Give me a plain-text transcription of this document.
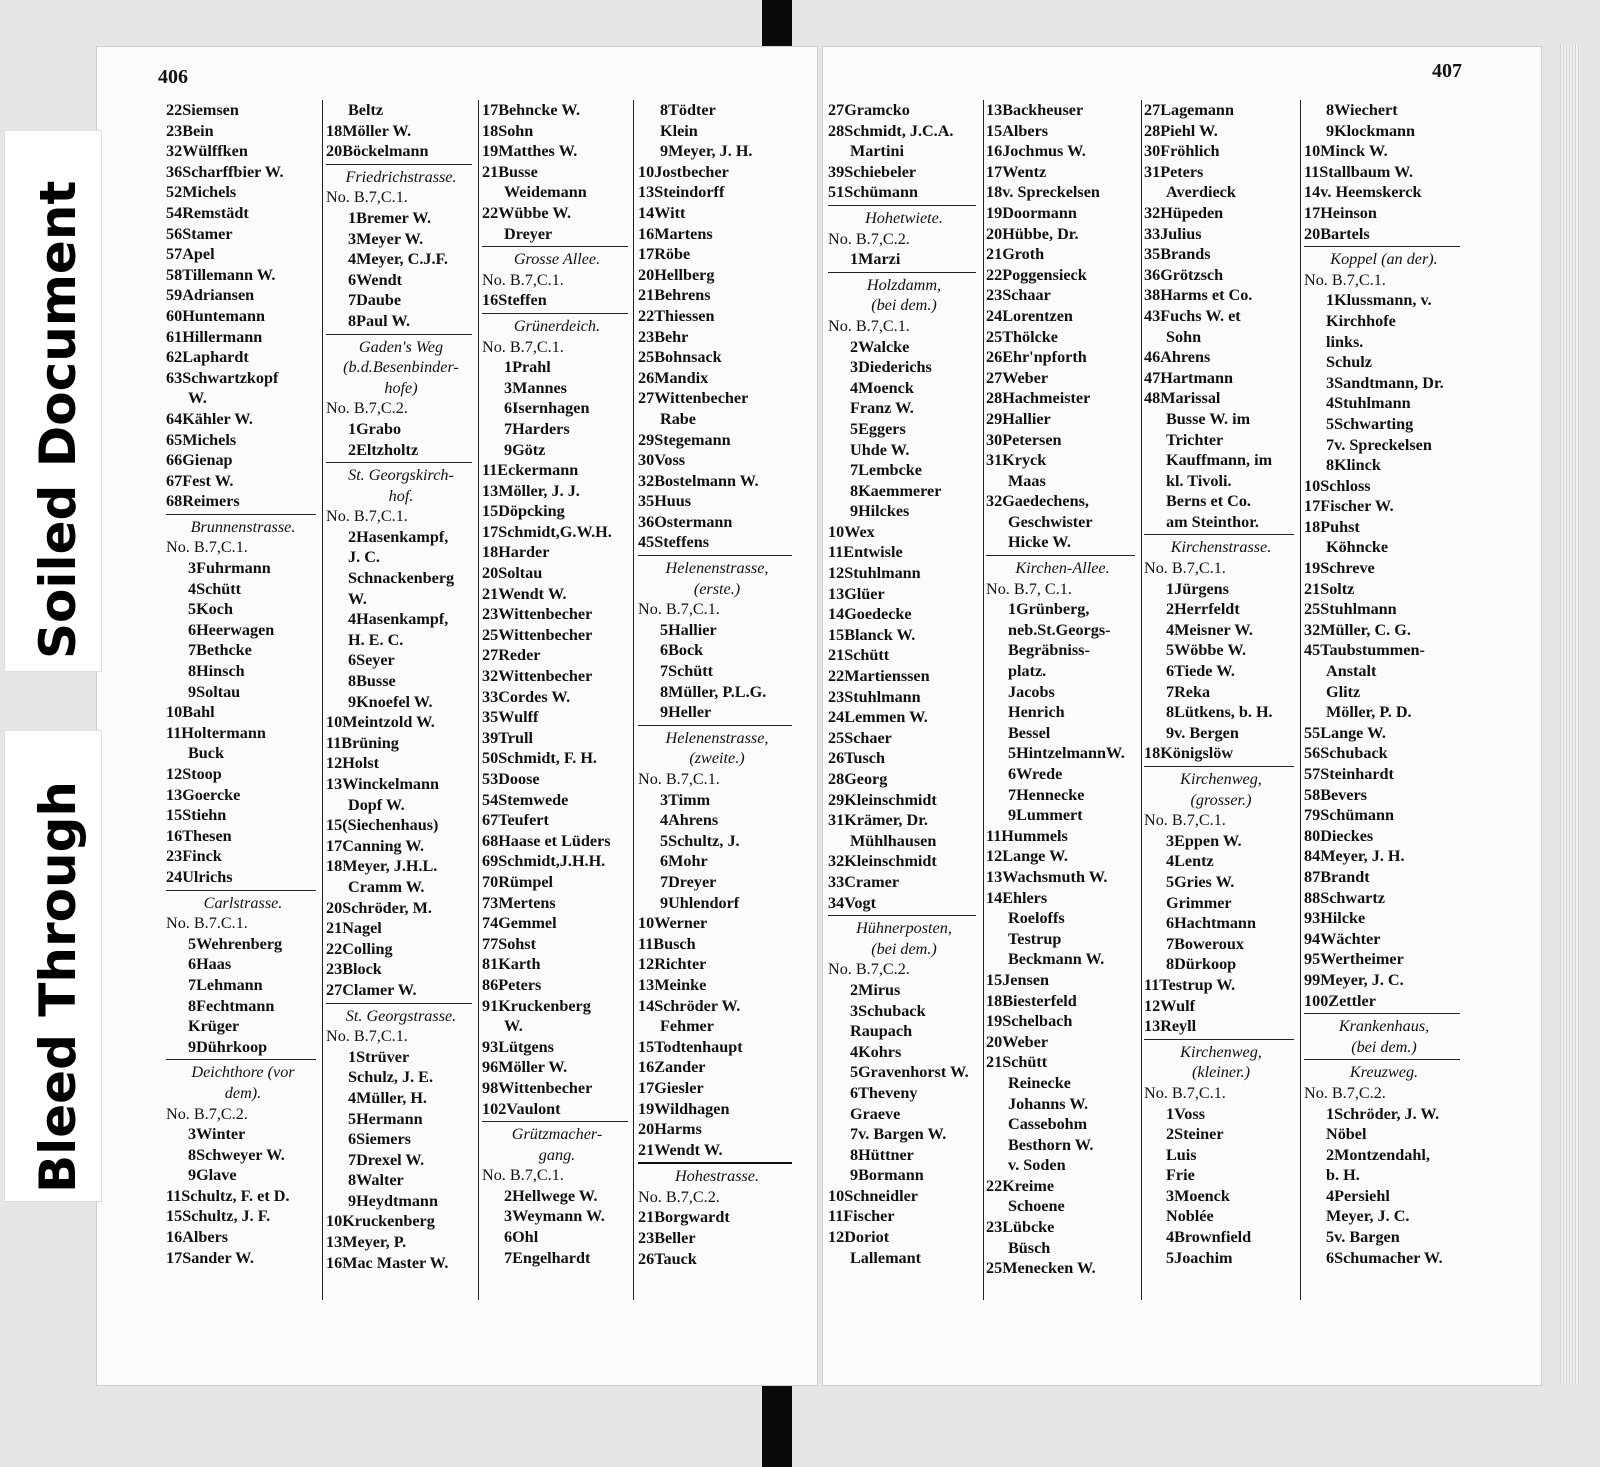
406	407
Soiled Document
Bleed Through
22Siemsen
23Bein
32Wülffken
36Scharffbier W.
52Michels
54Remstädt
56Stamer
57Apel
58Tillemann W.
59Adriansen
60Huntemann
61Hillermann
62Laphardt
63Schwartzkopf
W.
64Kähler W.
65Michels
66Gienap
67Fest W.
68Reimers
Brunnenstrasse.
No. B.7,C.1.
3Fuhrmann
4Schütt
5Koch
6Heerwagen
7Bethcke
8Hinsch
9Soltau
10Bahl
11Holtermann
Buck
12Stoop
13Goercke
15Stiehn
16Thesen
23Finck
24Ulrichs
Carlstrasse.
No. B.7.C.1.
5Wehrenberg
6Haas
7Lehmann
8Fechtmann
Krüger
9Dührkoop
Deichthore (vor
dem).
No. B.7,C.2.
3Winter
8Schweyer W.
9Glave
11Schultz, F. et D.
15Schultz, J. F.
16Albers
17Sander W.
Beltz
18Möller W.
20Böckelmann
Friedrichstrasse.
No. B.7,C.1.
1Bremer W.
3Meyer W.
4Meyer, C.J.F.
6Wendt
7Daube
8Paul W.
Gaden's Weg
(b.d.Besenbinder-
hofe)
No. B.7,C.2.
1Grabo
2Eltzholtz
St. Georgskirch-
hof.
No. B.7,C.1.
2Hasenkampf,
J. C.
Schnackenberg
W.
4Hasenkampf,
H. E. C.
6Seyer
8Busse
9Knoefel W.
10Meintzold W.
11Brüning
12Holst
13Winckelmann
Dopf W.
15(Siechenhaus)
17Canning W.
18Meyer, J.H.L.
Cramm W.
20Schröder, M.
21Nagel
22Colling
23Block
27Clamer W.
St. Georgstrasse.
No. B.7,C.1.
1Strüver
Schulz, J. E.
4Müller, H.
5Hermann
6Siemers
7Drexel W.
8Walter
9Heydtmann
10Kruckenberg
13Meyer, P.
16Mac Master W.
17Behncke W.
18Sohn
19Matthes W.
21Busse
Weidemann
22Wübbe W.
Dreyer
Grosse Allee.
No. B.7,C.1.
16Steffen
Grünerdeich.
No. B.7,C.1.
1Prahl
3Mannes
6Isernhagen
7Harders
9Götz
11Eckermann
13Möller, J. J.
15Döpcking
17Schmidt,G.W.H.
18Harder
20Soltau
21Wendt W.
23Wittenbecher
25Wittenbecher
27Reder
32Wittenbecher
33Cordes W.
35Wulff
39Trull
50Schmidt, F. H.
53Doose
54Stemwede
67Teufert
68Haase et Lüders
69Schmidt,J.H.H.
70Rümpel
73Mertens
74Gemmel
77Sohst
81Karth
86Peters
91Kruckenberg
W.
93Lütgens
96Möller W.
98Wittenbecher
102Vaulont
Grützmacher-
gang.
No. B.7,C.1.
2Hellwege W.
3Weymann W.
6Ohl
7Engelhardt
8Tödter
Klein
9Meyer, J. H.
10Jostbecher
13Steindorff
14Witt
16Martens
17Röbe
20Hellberg
21Behrens
22Thiessen
23Behr
25Bohnsack
26Mandix
27Wittenbecher
Rabe
29Stegemann
30Voss
32Bostelmann W.
35Huus
36Ostermann
45Steffens
Helenenstrasse,
(erste.)
No. B.7,C.1.
5Hallier
6Bock
7Schütt
8Müller, P.L.G.
9Heller
Helenenstrasse,
(zweite.)
No. B.7,C.1.
3Timm
4Ahrens
5Schultz, J.
6Mohr
7Dreyer
9Uhlendorf
10Werner
11Busch
12Richter
13Meinke
14Schröder W.
Fehmer
15Todtenhaupt
16Zander
17Giesler
19Wildhagen
20Harms
21Wendt W.
Hohestrasse.
No. B.7,C.2.
21Borgwardt
23Beller
26Tauck
27Gramcko
28Schmidt, J.C.A.
Martini
39Schiebeler
51Schümann
Hohetwiete.
No. B.7,C.2.
1Marzi
Holzdamm,
(bei dem.)
No. B.7,C.1.
2Walcke
3Diederichs
4Moenck
Franz W.
5Eggers
Uhde W.
7Lembcke
8Kaemmerer
9Hilckes
10Wex
11Entwisle
12Stuhlmann
13Glüer
14Goedecke
15Blanck W.
21Schütt
22Martienssen
23Stuhlmann
24Lemmen W.
25Schaer
26Tusch
28Georg
29Kleinschmidt
31Krämer, Dr.
Mühlhausen
32Kleinschmidt
33Cramer
34Vogt
Hühnerposten,
(bei dem.)
No. B.7,C.2.
2Mirus
3Schuback
Raupach
4Kohrs
5Gravenhorst W.
6Theveny
Graeve
7v. Bargen W.
8Hüttner
9Bormann
10Schneidler
11Fischer
12Doriot
Lallemant
13Backheuser
15Albers
16Jochmus W.
17Wentz
18v. Spreckelsen
19Doormann
20Hübbe, Dr.
21Groth
22Poggensieck
23Schaar
24Lorentzen
25Thölcke
26Ehr'npforth
27Weber
28Hachmeister
29Hallier
30Petersen
31Kryck
Maas
32Gaedechens,
Geschwister
Hicke W.
Kirchen-Allee.
No. B.7, C.1.
1Grünberg,
neb.St.Georgs-
Begräbniss-
platz.
Jacobs
Henrich
Bessel
5HintzelmannW.
6Wrede
7Hennecke
9Lummert
11Hummels
12Lange W.
13Wachsmuth W.
14Ehlers
Roeloffs
Testrup
Beckmann W.
15Jensen
18Biesterfeld
19Schelbach
20Weber
21Schütt
Reinecke
Johanns W.
Cassebohm
Besthorn W.
v. Soden
22Kreime
Schoene
23Lübcke
Büsch
25Menecken W.
27Lagemann
28Piehl W.
30Fröhlich
31Peters
Averdieck
32Hüpeden
33Julius
35Brands
36Grötzsch
38Harms et Co.
43Fuchs W. et
Sohn
46Ahrens
47Hartmann
48Marissal
Busse W. im
Trichter
Kauffmann, im
kl. Tivoli.
Berns et Co.
am Steinthor.
Kirchenstrasse.
No. B.7,C.1.
1Jürgens
2Herrfeldt
4Meisner W.
5Wöbbe W.
6Tiede W.
7Reka
8Lütkens, b. H.
9v. Bergen
18Königslöw
Kirchenweg,
(grosser.)
No. B.7,C.1.
3Eppen W.
4Lentz
5Gries W.
Grimmer
6Hachtmann
7Boweroux
8Dürkoop
11Testrup W.
12Wulf
13Reyll
Kirchenweg,
(kleiner.)
No. B.7,C.1.
1Voss
2Steiner
Luis
Frie
3Moenck
Noblée
4Brownfield
5Joachim
8Wiechert
9Klockmann
10Minck W.
11Stallbaum W.
14v. Heemskerck
17Heinson
20Bartels
Koppel (an der).
No. B.7,C.1.
1Klussmann, v.
Kirchhofe
links.
Schulz
3Sandtmann, Dr.
4Stuhlmann
5Schwarting
7v. Spreckelsen
8Klinck
10Schloss
17Fischer W.
18Puhst
Köhncke
19Schreve
21Soltz
25Stuhlmann
32Müller, C. G.
45Taubstummen-
Anstalt
Glitz
Möller, P. D.
55Lange W.
56Schuback
57Steinhardt
58Bevers
79Schümann
80Dieckes
84Meyer, J. H.
87Brandt
88Schwartz
93Hilcke
94Wächter
95Wertheimer
99Meyer, J. C.
100Zettler
Krankenhaus,
(bei dem.)
Kreuzweg.
No. B.7,C.2.
1Schröder, J. W.
Nöbel
2Montzendahl,
b. H.
4Persiehl
Meyer, J. C.
5v. Bargen
6Schumacher W.
